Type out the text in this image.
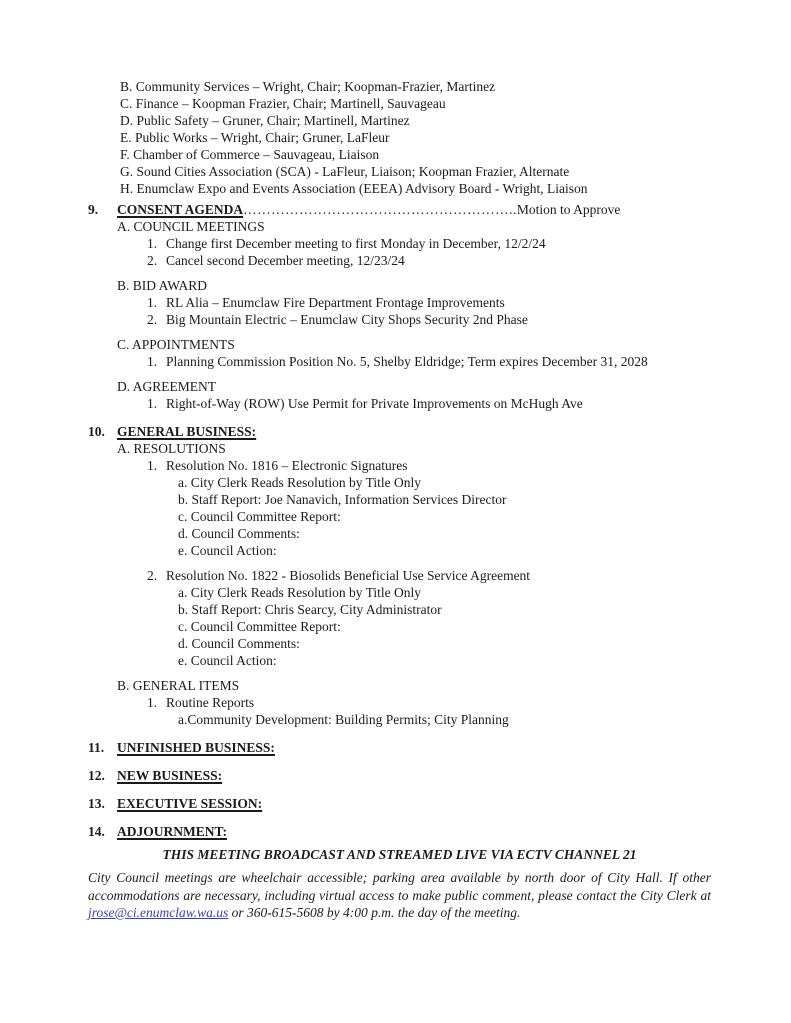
B. Community Services – Wright, Chair; Koopman-Frazier, Martinez
C. Finance – Koopman Frazier, Chair; Martinell, Sauvageau
D. Public Safety – Gruner, Chair; Martinell, Martinez
E. Public Works – Wright, Chair; Gruner, LaFleur
F. Chamber of Commerce – Sauvageau, Liaison
G. Sound Cities Association (SCA) - LaFleur, Liaison; Koopman Frazier, Alternate
H. Enumclaw Expo and Events Association (EEEA) Advisory Board - Wright, Liaison
9. CONSENT AGENDA…………………………………………………..Motion to Approve
A. COUNCIL MEETINGS
1. Change first December meeting to first Monday in December, 12/2/24
2. Cancel second December meeting, 12/23/24
B. BID AWARD
1. RL Alia – Enumclaw Fire Department Frontage Improvements
2. Big Mountain Electric – Enumclaw City Shops Security 2nd Phase
C. APPOINTMENTS
1. Planning Commission Position No. 5, Shelby Eldridge; Term expires December 31, 2028
D. AGREEMENT
1. Right-of-Way (ROW) Use Permit for Private Improvements on McHugh Ave
10. GENERAL BUSINESS:
A. RESOLUTIONS
1. Resolution No. 1816 – Electronic Signatures
a. City Clerk Reads Resolution by Title Only
b. Staff Report: Joe Nanavich, Information Services Director
c. Council Committee Report:
d. Council Comments:
e. Council Action:
2. Resolution No. 1822 - Biosolids Beneficial Use Service Agreement
a. City Clerk Reads Resolution by Title Only
b. Staff Report: Chris Searcy, City Administrator
c. Council Committee Report:
d. Council Comments:
e. Council Action:
B. GENERAL ITEMS
1. Routine Reports
a.Community Development: Building Permits; City Planning
11. UNFINISHED BUSINESS:
12. NEW BUSINESS:
13. EXECUTIVE SESSION:
14. ADJOURNMENT:
THIS MEETING BROADCAST AND STREAMED LIVE VIA ECTV CHANNEL 21

City Council meetings are wheelchair accessible; parking area available by north door of City Hall. If other accommodations are necessary, including virtual access to make public comment, please contact the City Clerk at jrose@ci.enumclaw.wa.us or 360-615-5608 by 4:00 p.m. the day of the meeting.
